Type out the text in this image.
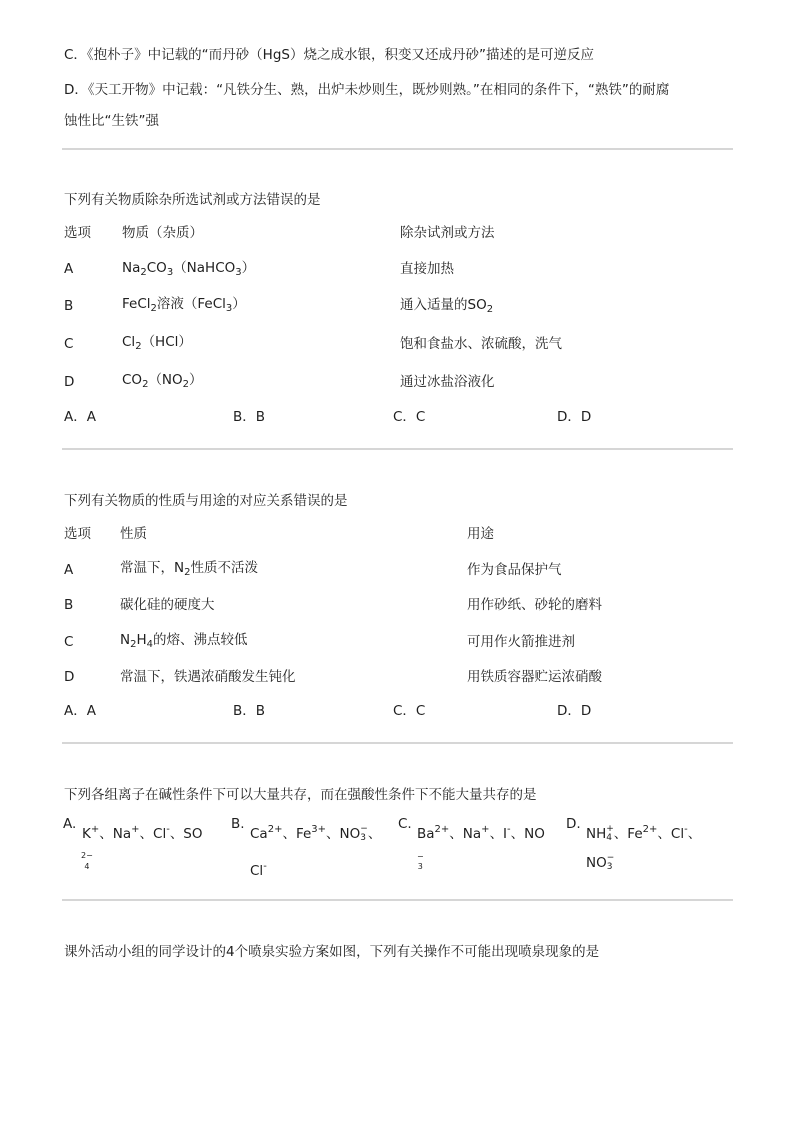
C．《抱朴子》中记载的“而丹砂（HgS）烧之成水银，积变又还成丹砂”描述的是可逆反应
D．《天工开物》中记载：“凡铁分生、熟，出炉未炒则生，既炒则熟。”在相同的条件下，“熟铁”的耐腐
蚀性比“生铁”强
下列有关物质除杂所选试剂或方法错误的是
选项 物质（杂质）	除杂试剂或方法
A	$Na_2CO_3(NaHCO_3)$	直接加热
B	FeCl$_2$溶液（FeCl$_3$）	通入适量的$SO_2$
C	$Cl_2(HCl)$	饱和食盐水、浓硫酸，洗气
D	$CO_2(NO_2)$	通过冰盐浴液化
A．A	B．B	C．C	D．D
下列有关物质的性质与用途的对应关系错误的是
选项 性质	用途
A	常温下，$N_2$性质不活泼	作为食品保护气
B	碳化硅的硬度大	用作砂纸、砂轮的磨料
C	$N_2H_4$的熔、沸点较低	可用作火箭推进剂
D	常温下，铁遇浓硝酸发生钝化	用铁质容器贮运浓硝酸
A．A	B．B	C．C	D．D
下列各组离子在碱性条件下可以大量共存，而在强酸性条件下不能大量共存的是
A.
K+、Na+、Cl-、SO
2−
4
B.
$Ca^{2+}$、$Fe^{3+}$、NO −
3 、
Cl-
C.
$Ba^{2+}$、Na+、I-、NO
−
3
D.
NH +
4 、$Fe^{2+}$、Cl-、
NO −
3
课外活动小组的同学设计的4个喷泉实验方案如图，下列有关操作不可能出现喷泉现象的是
